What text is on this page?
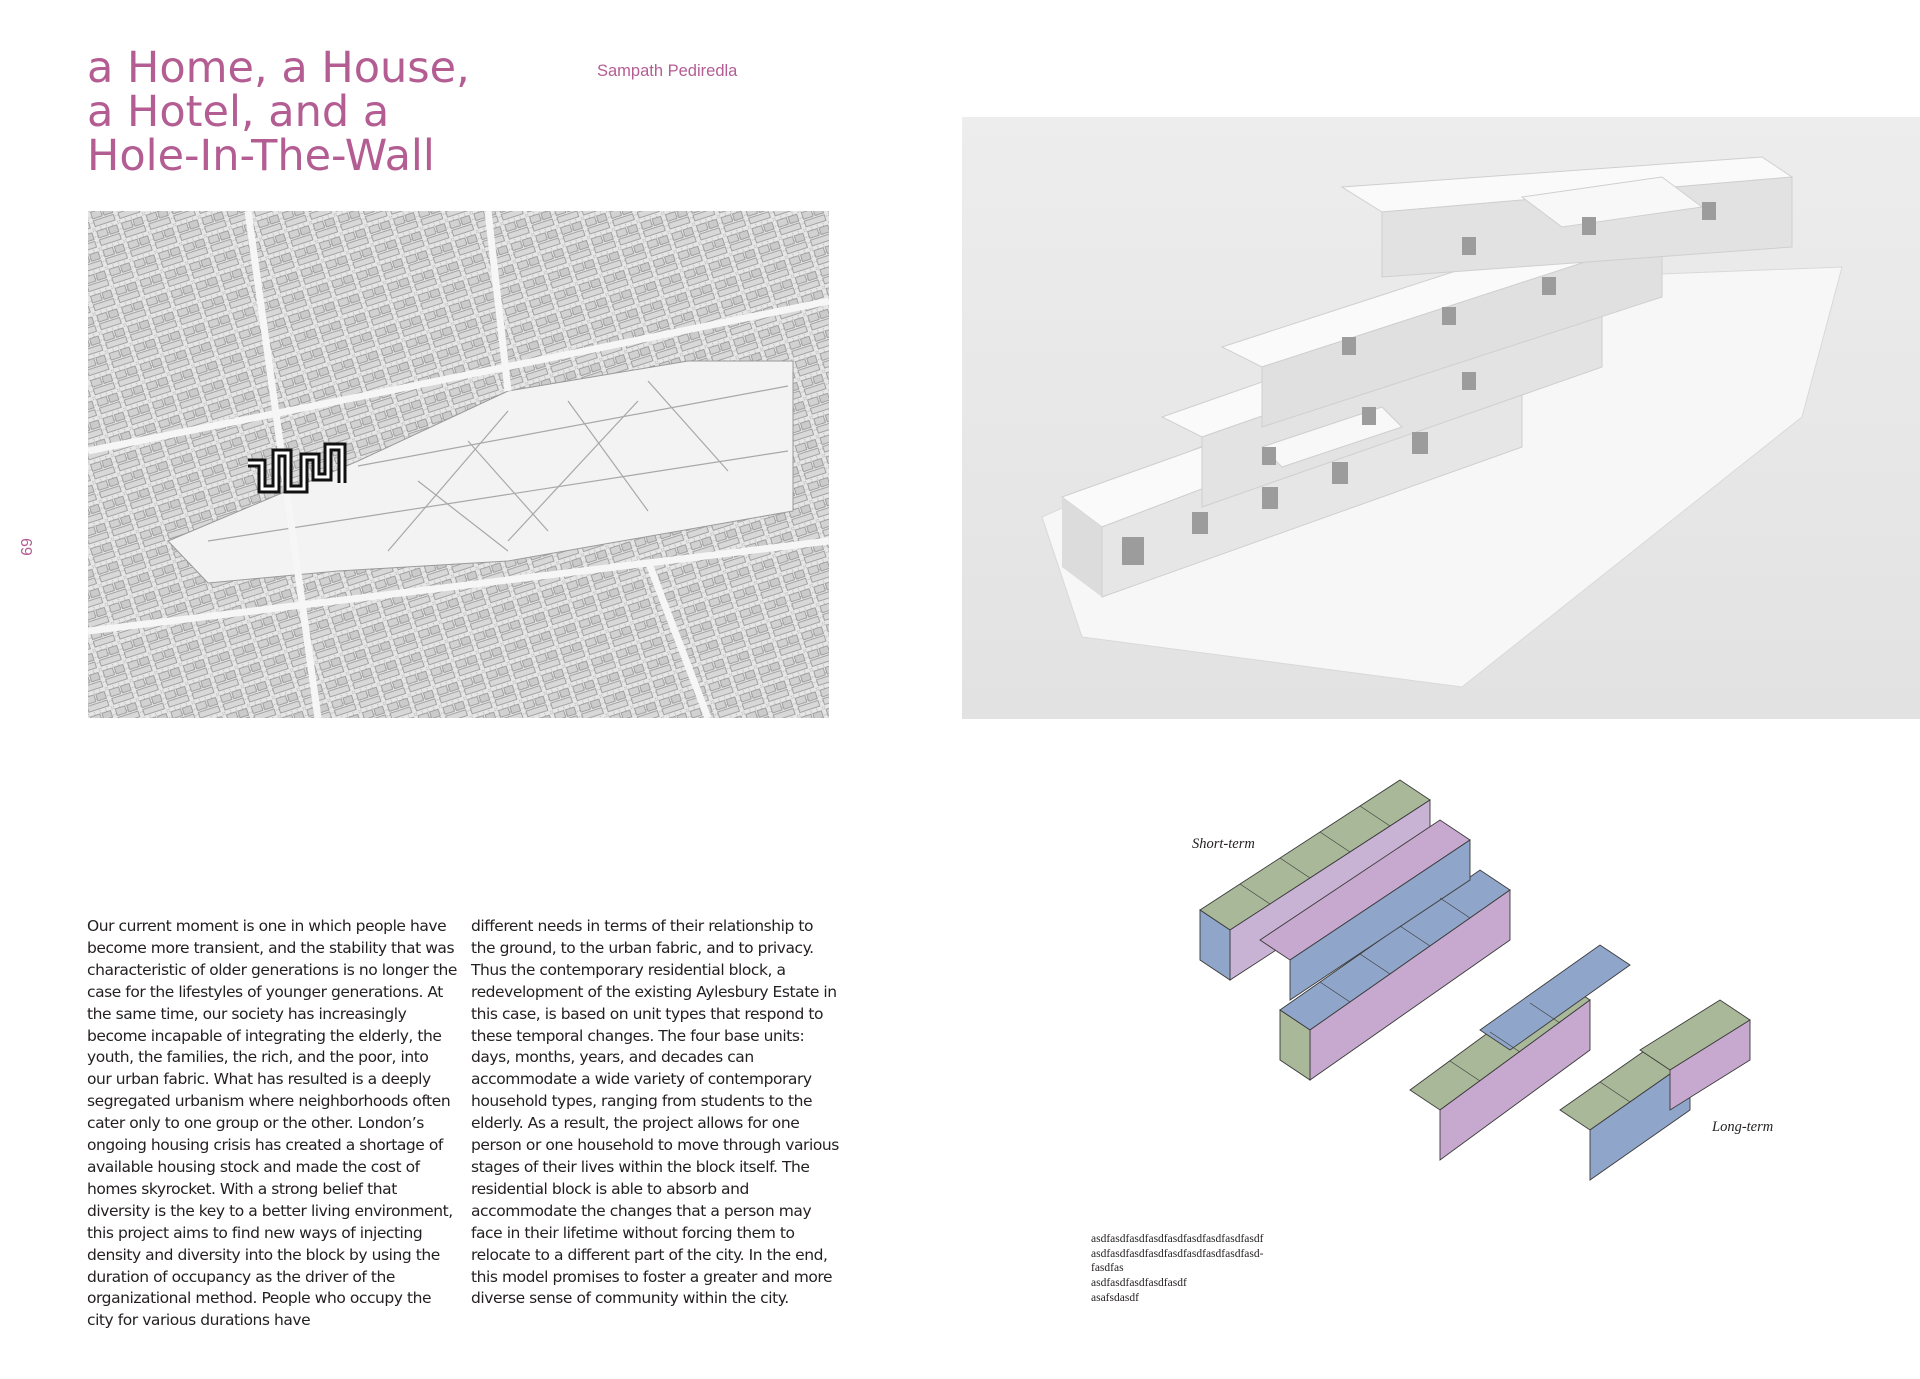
a Home, a House, a Hotel, and a Hole-In-The-Wall
Sampath Pediredla
69
Short-term
Long-term
asdfasdfasdfasdfasdfasdfasdfasdfasdf
asdfasdfasdfasdfasdfasdfasdfasdfasd-
fasdfas
asdfasdfasdfasdfasdf
asafsdasdf

Our current moment is one in which people have become more transient, and the stability that was characteristic of older generations is no longer the case for the lifestyles of younger generations. At the same time, our society has increasingly become incapable of integrating the elderly, the youth, the families, the rich, and the poor, into our urban fabric. What has resulted is a deeply segregated urbanism where neighborhoods often cater only to one group or the other. London’s ongoing housing crisis has created a shortage of available housing stock and made the cost of homes skyrocket. With a strong belief that diversity is the key to a better living environment, this project aims to find new ways of injecting density and diversity into the block by using the duration of occupancy as the driver of the organizational method. People who occupy the city for various durations have

different needs in terms of their relationship to the ground, to the urban fabric, and to privacy. Thus the contemporary residential block, a redevelopment of the existing Aylesbury Estate in this case, is based on unit types that respond to these temporal changes. The four base units: days, months, years, and decades can accommodate a wide variety of contemporary household types, ranging from students to the elderly. As a result, the project allows for one person or one household to move through various stages of their lives within the block itself. The residential block is able to absorb and accommodate the changes that a person may face in their lifetime without forcing them to relocate to a different part of the city. In the end, this model promises to foster a greater and more diverse sense of community within the city.
